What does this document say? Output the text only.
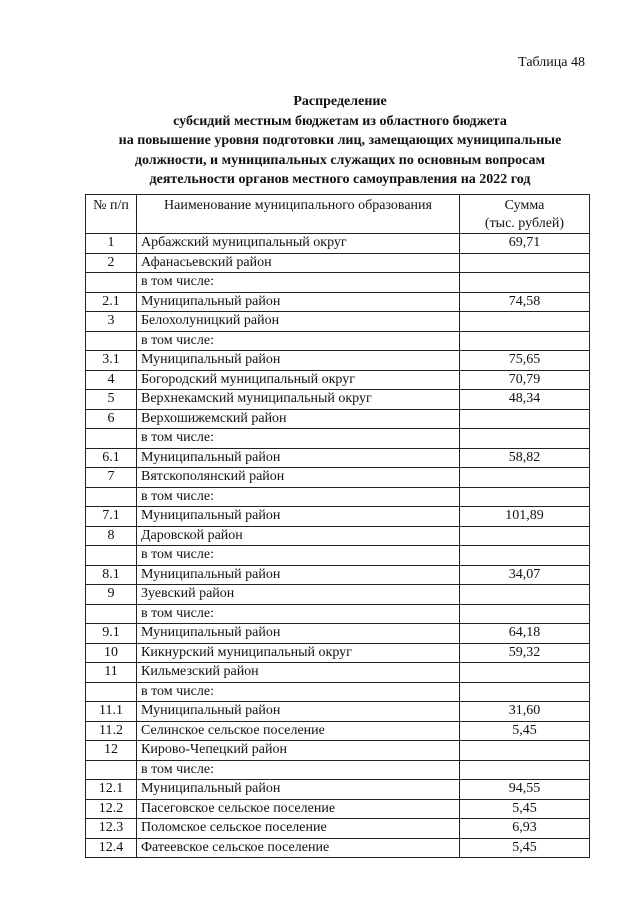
Таблица 48
Распределение
субсидий местным бюджетам из областного бюджета
на повышение уровня подготовки лиц, замещающих муниципальные
должности, и муниципальных служащих по основным вопросам
деятельности органов местного самоуправления на 2022 год
№ п/п	Наименование муниципального образования	Сумма
(тыс. рублей)
1	Арбажский муниципальный округ	69,71
2	Афанасьевский район	
	в том числе:	
2.1	Муниципальный район	74,58
3	Белохолуницкий район	
	в том числе:	
3.1	Муниципальный район	75,65
4	Богородский муниципальный округ	70,79
5	Верхнекамский муниципальный округ	48,34
6	Верхошижемский район	
	в том числе:	
6.1	Муниципальный район	58,82
7	Вятскополянский район	
	в том числе:	
7.1	Муниципальный район	101,89
8	Даровской район	
	в том числе:	
8.1	Муниципальный район	34,07
9	Зуевский район	
	в том числе:	
9.1	Муниципальный район	64,18
10	Кикнурский муниципальный округ	59,32
11	Кильмезский район	
	в том числе:	
11.1	Муниципальный район	31,60
11.2	Селинское сельское поселение	5,45
12	Кирово-Чепецкий район	
	в том числе:	
12.1	Муниципальный район	94,55
12.2	Пасеговское сельское поселение	5,45
12.3	Поломское сельское поселение	6,93
12.4	Фатеевское сельское поселение	5,45
